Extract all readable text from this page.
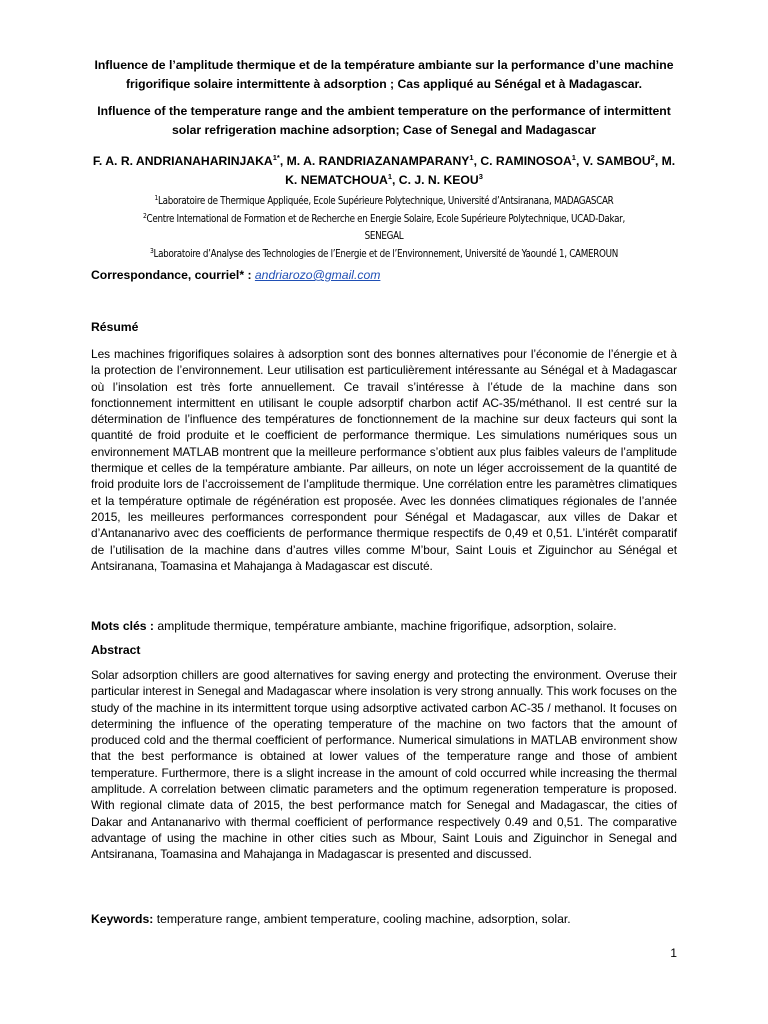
Influence de l’amplitude thermique et de la température ambiante sur la performance d’une machine frigorifique solaire intermittente à adsorption ; Cas appliqué au Sénégal et à Madagascar.
Influence of the temperature range and the ambient temperature on the performance of intermittent solar refrigeration machine adsorption; Case of Senegal and Madagascar
F. A. R. $ANDRIANAHARINJAKA^{1*}$, M. A. RANDRIAZANAMPARANY$^1$, C. RAMINOSOA$^1$, V. SAMBOU$^2$, M. K. NEMATCHOUA$^1$, C. J. N. KEOU$^3$
$^1$Laboratoire de Thermique Appliquée, Ecole Supérieure Polytechnique, Université d’Antsiranana, MADAGASCAR
$^2$Centre International de Formation et de Recherche en Energie Solaire, Ecole Supérieure Polytechnique, UCAD-Dakar, SENEGAL
$^3$Laboratoire d’Analyse des Technologies de l’Energie et de l’Environnement, Université de Yaoundé 1, CAMEROUN
Correspondance, courriel* : andriarozo@gmail.com
Résumé
Les machines frigorifiques solaires à adsorption sont des bonnes alternatives pour l’économie de l’énergie et à la protection de l’environnement. Leur utilisation est particulièrement intéressante au Sénégal et à Madagascar où l’insolation est très forte annuellement. Ce travail s’intéresse à l’étude de la machine dans son fonctionnement intermittent en utilisant le couple adsorptif charbon actif AC-35/méthanol. Il est centré sur la détermination de l’influence des températures de fonctionnement de la machine sur deux facteurs qui sont la quantité de froid produite et le coefficient de performance thermique. Les simulations numériques sous un environnement MATLAB montrent que la meilleure performance s’obtient aux plus faibles valeurs de l’amplitude thermique et celles de la température ambiante. Par ailleurs, on note un léger accroissement de la quantité de froid produite lors de l’accroissement de l’amplitude thermique. Une corrélation entre les paramètres climatiques et la température optimale de régénération est proposée. Avec les données climatiques régionales de l’année 2015, les meilleures performances correspondent pour Sénégal et Madagascar, aux villes de Dakar et d’Antananarivo avec des coefficients de performance thermique respectifs de 0,49 et 0,51. L’intérêt comparatif de l’utilisation de la machine dans d’autres villes comme M’bour, Saint Louis et Ziguinchor au Sénégal et Antsiranana, Toamasina et Mahajanga à Madagascar est discuté.
Mots clés : amplitude thermique, température ambiante, machine frigorifique, adsorption, solaire.
Abstract
Solar adsorption chillers are good alternatives for saving energy and protecting the environment. Overuse their particular interest in Senegal and Madagascar where insolation is very strong annually. This work focuses on the study of the machine in its intermittent torque using adsorptive activated carbon AC-35 / methanol. It focuses on determining the influence of the operating temperature of the machine on two factors that the amount of produced cold and the thermal coefficient of performance. Numerical simulations in MATLAB environment show that the best performance is obtained at lower values of the temperature range and those of ambient temperature. Furthermore, there is a slight increase in the amount of cold occurred while increasing the thermal amplitude. A correlation between climatic parameters and the optimum regeneration temperature is proposed. With regional climate data of 2015, the best performance match for Senegal and Madagascar, the cities of Dakar and Antananarivo with thermal coefficient of performance respectively 0.49 and 0,51. The comparative advantage of using the machine in other cities such as Mbour, Saint Louis and Ziguinchor in Senegal and Antsiranana, Toamasina and Mahajanga in Madagascar is presented and discussed.
Keywords: temperature range, ambient temperature, cooling machine, adsorption, solar.
1
